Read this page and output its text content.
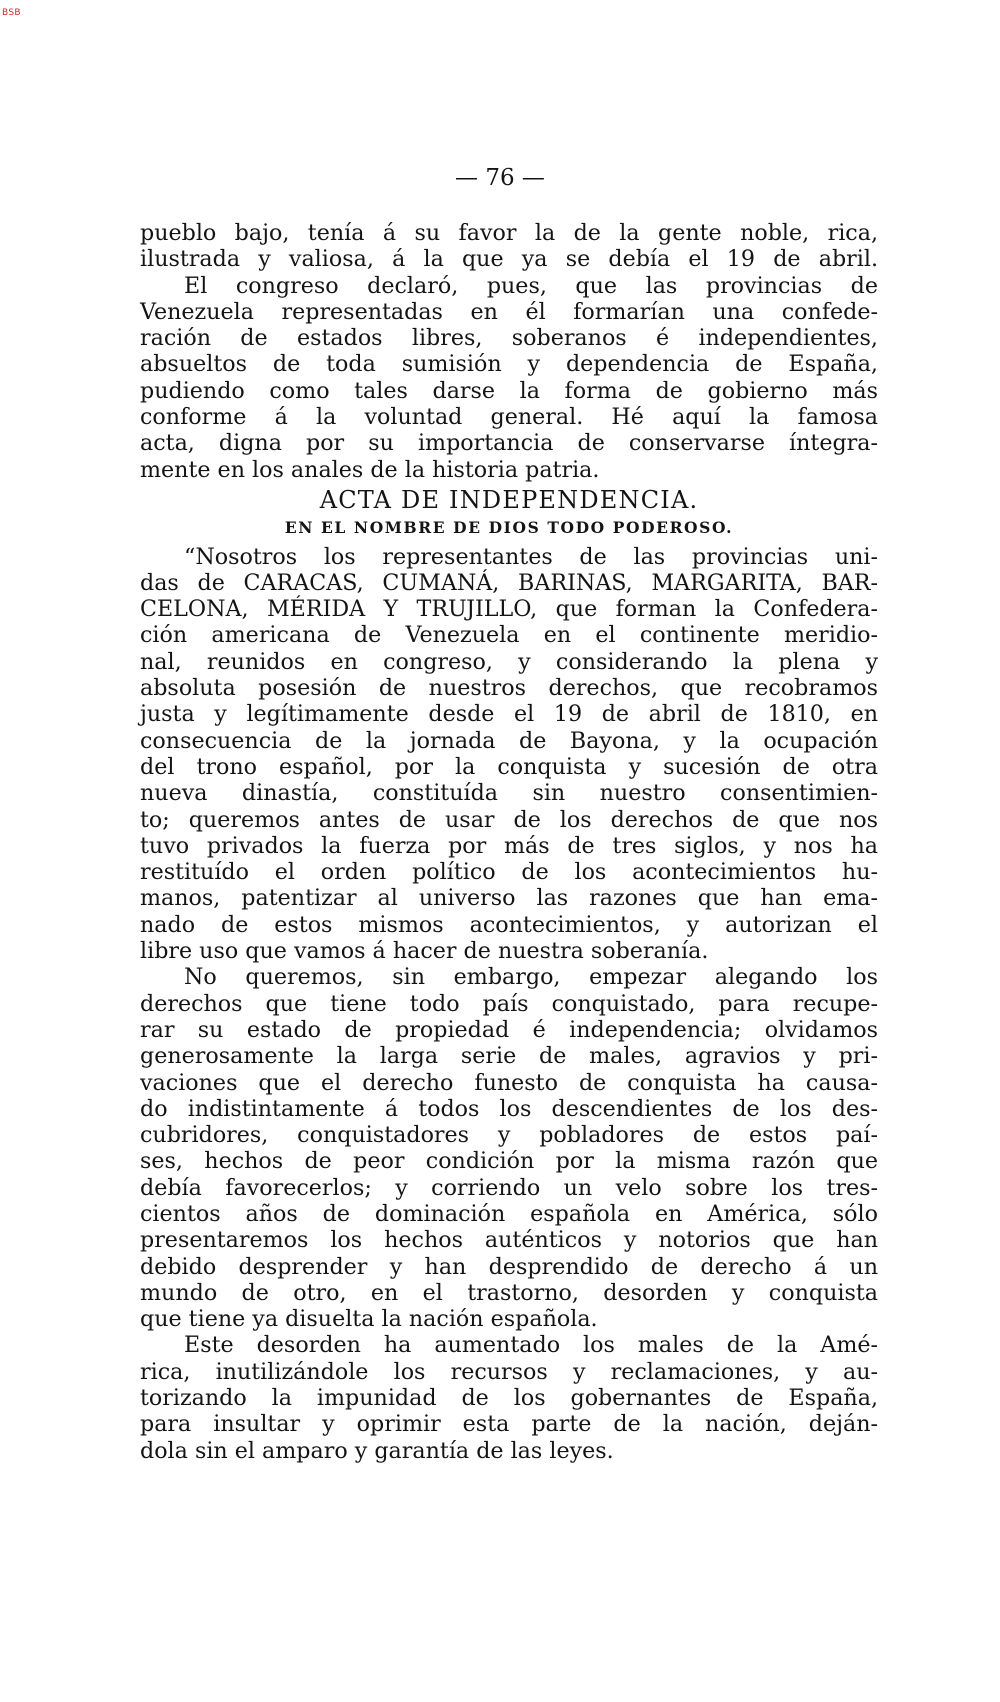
BSB
— 76 —
pueblo bajo, tenía á su favor la de la gente noble, rica,
ilustrada y valiosa, á la que ya se debía el 19 de abril.
El congreso declaró, pues, que las provincias de
Venezuela representadas en él formarían una confede-
ración de estados libres, soberanos é independientes,
absueltos de toda sumisión y dependencia de España,
pudiendo como tales darse la forma de gobierno más
conforme á la voluntad general. Hé aquí la famosa
acta, digna por su importancia de conservarse íntegra-
mente en los anales de la historia patria.
ACTA DE INDEPENDENCIA.
EN EL NOMBRE DE DIOS TODO PODEROSO.
“Nosotros los representantes de las provincias uni-
das de CARACAS, CUMANÁ, BARINAS, MARGARITA, BAR-
CELONA, MÉRIDA Y TRUJILLO, que forman la Confedera-
ción americana de Venezuela en el continente meridio-
nal, reunidos en congreso, y considerando la plena y
absoluta posesión de nuestros derechos, que recobramos
justa y legítimamente desde el 19 de abril de 1810, en
consecuencia de la jornada de Bayona, y la ocupación
del trono español, por la conquista y sucesión de otra
nueva dinastía, constituída sin nuestro consentimien-
to; queremos antes de usar de los derechos de que nos
tuvo privados la fuerza por más de tres siglos, y nos ha
restituído el orden político de los acontecimientos hu-
manos, patentizar al universo las razones que han ema-
nado de estos mismos acontecimientos, y autorizan el
libre uso que vamos á hacer de nuestra soberanía.
No queremos, sin embargo, empezar alegando los
derechos que tiene todo país conquistado, para recupe-
rar su estado de propiedad é independencia; olvidamos
generosamente la larga serie de males, agravios y pri-
vaciones que el derecho funesto de conquista ha causa-
do indistintamente á todos los descendientes de los des-
cubridores, conquistadores y pobladores de estos paí-
ses, hechos de peor condición por la misma razón que
debía favorecerlos; y corriendo un velo sobre los tres-
cientos años de dominación española en América, sólo
presentaremos los hechos auténticos y notorios que han
debido desprender y han desprendido de derecho á un
mundo de otro, en el trastorno, desorden y conquista
que tiene ya disuelta la nación española.
Este desorden ha aumentado los males de la Amé-
rica, inutilizándole los recursos y reclamaciones, y au-
torizando la impunidad de los gobernantes de España,
para insultar y oprimir esta parte de la nación, deján-
dola sin el amparo y garantía de las leyes.
